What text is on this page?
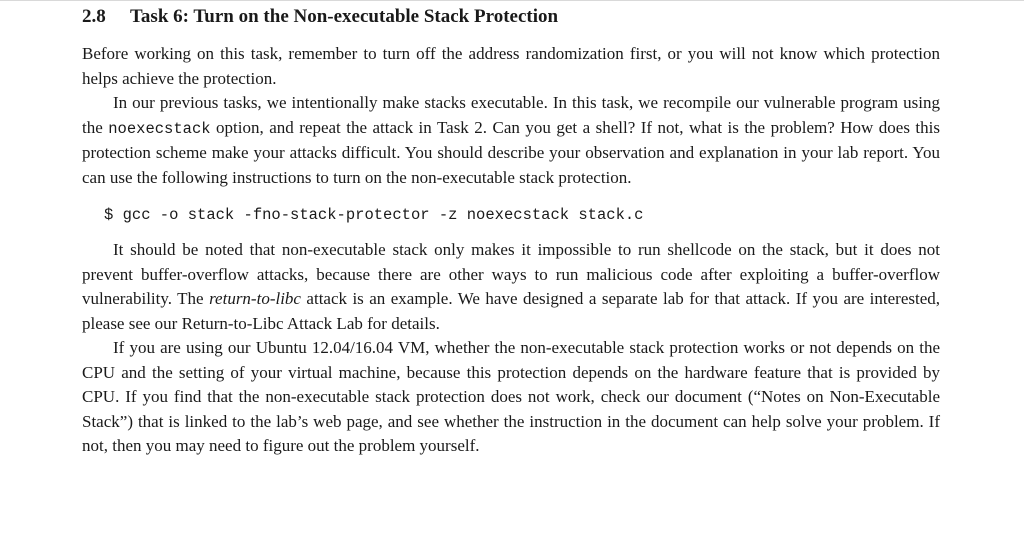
2.8 Task 6: Turn on the Non-executable Stack Protection

Before working on this task, remember to turn off the address randomization first, or you will not know which protection helps achieve the protection.

In our previous tasks, we intentionally make stacks executable. In this task, we recompile our vulnerable program using the noexecstack option, and repeat the attack in Task 2. Can you get a shell? If not, what is the problem? How does this protection scheme make your attacks difficult. You should describe your observation and explanation in your lab report. You can use the following instructions to turn on the non-executable stack protection.

$ gcc -o stack -fno-stack-protector -z noexecstack stack.c

It should be noted that non-executable stack only makes it impossible to run shellcode on the stack, but it does not prevent buffer-overflow attacks, because there are other ways to run malicious code after exploiting a buffer-overflow vulnerability. The return-to-libc attack is an example. We have designed a separate lab for that attack. If you are interested, please see our Return-to-Libc Attack Lab for details.

If you are using our Ubuntu 12.04/16.04 VM, whether the non-executable stack protection works or not depends on the CPU and the setting of your virtual machine, because this protection depends on the hardware feature that is provided by CPU. If you find that the non-executable stack protection does not work, check our document (“Notes on Non-Executable Stack”) that is linked to the lab’s web page, and see whether the instruction in the document can help solve your problem. If not, then you may need to figure out the problem yourself.
